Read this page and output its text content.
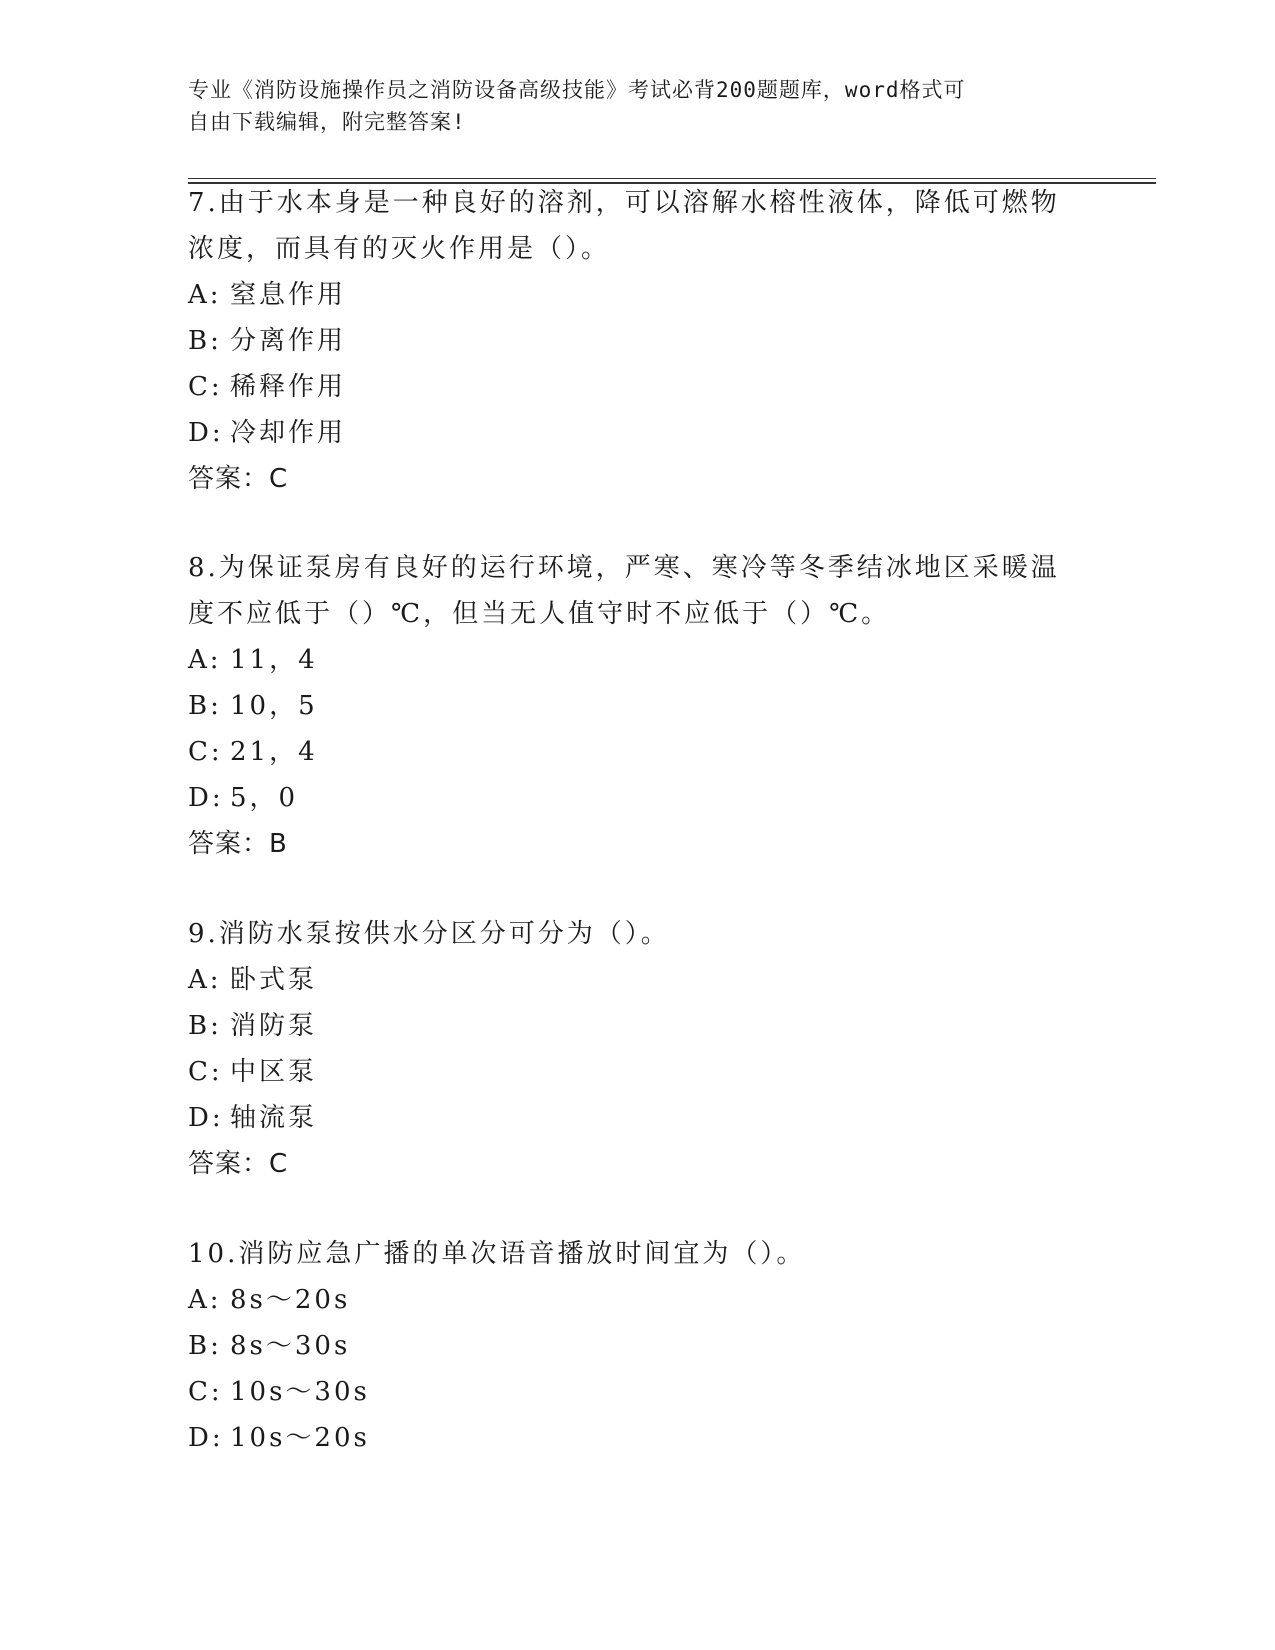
专业《消防设施操作员之消防设备高级技能》考试必背200题题库，word格式可
自由下载编辑，附完整答案!
7.由于水本身是一种良好的溶剂，可以溶解水榕性液体，降低可燃物
浓度，而具有的灭火作用是（）。
A: 窒息作用
B: 分离作用
C: 稀释作用
D: 冷却作用
答案：C
8.为保证泵房有良好的运行环境，严寒、寒冷等冬季结冰地区采暖温
度不应低于（）℃，但当无人值守时不应低于（）℃。
A: 11，4
B: 10，5
C: 21，4
D: 5，0
答案：B
9.消防水泵按供水分区分可分为（）。
A: 卧式泵
B: 消防泵
C: 中区泵
D: 轴流泵
答案：C
10.消防应急广播的单次语音播放时间宜为（）。
A: 8s～20s
B: 8s～30s
C: 10s～30s
D: 10s～20s
